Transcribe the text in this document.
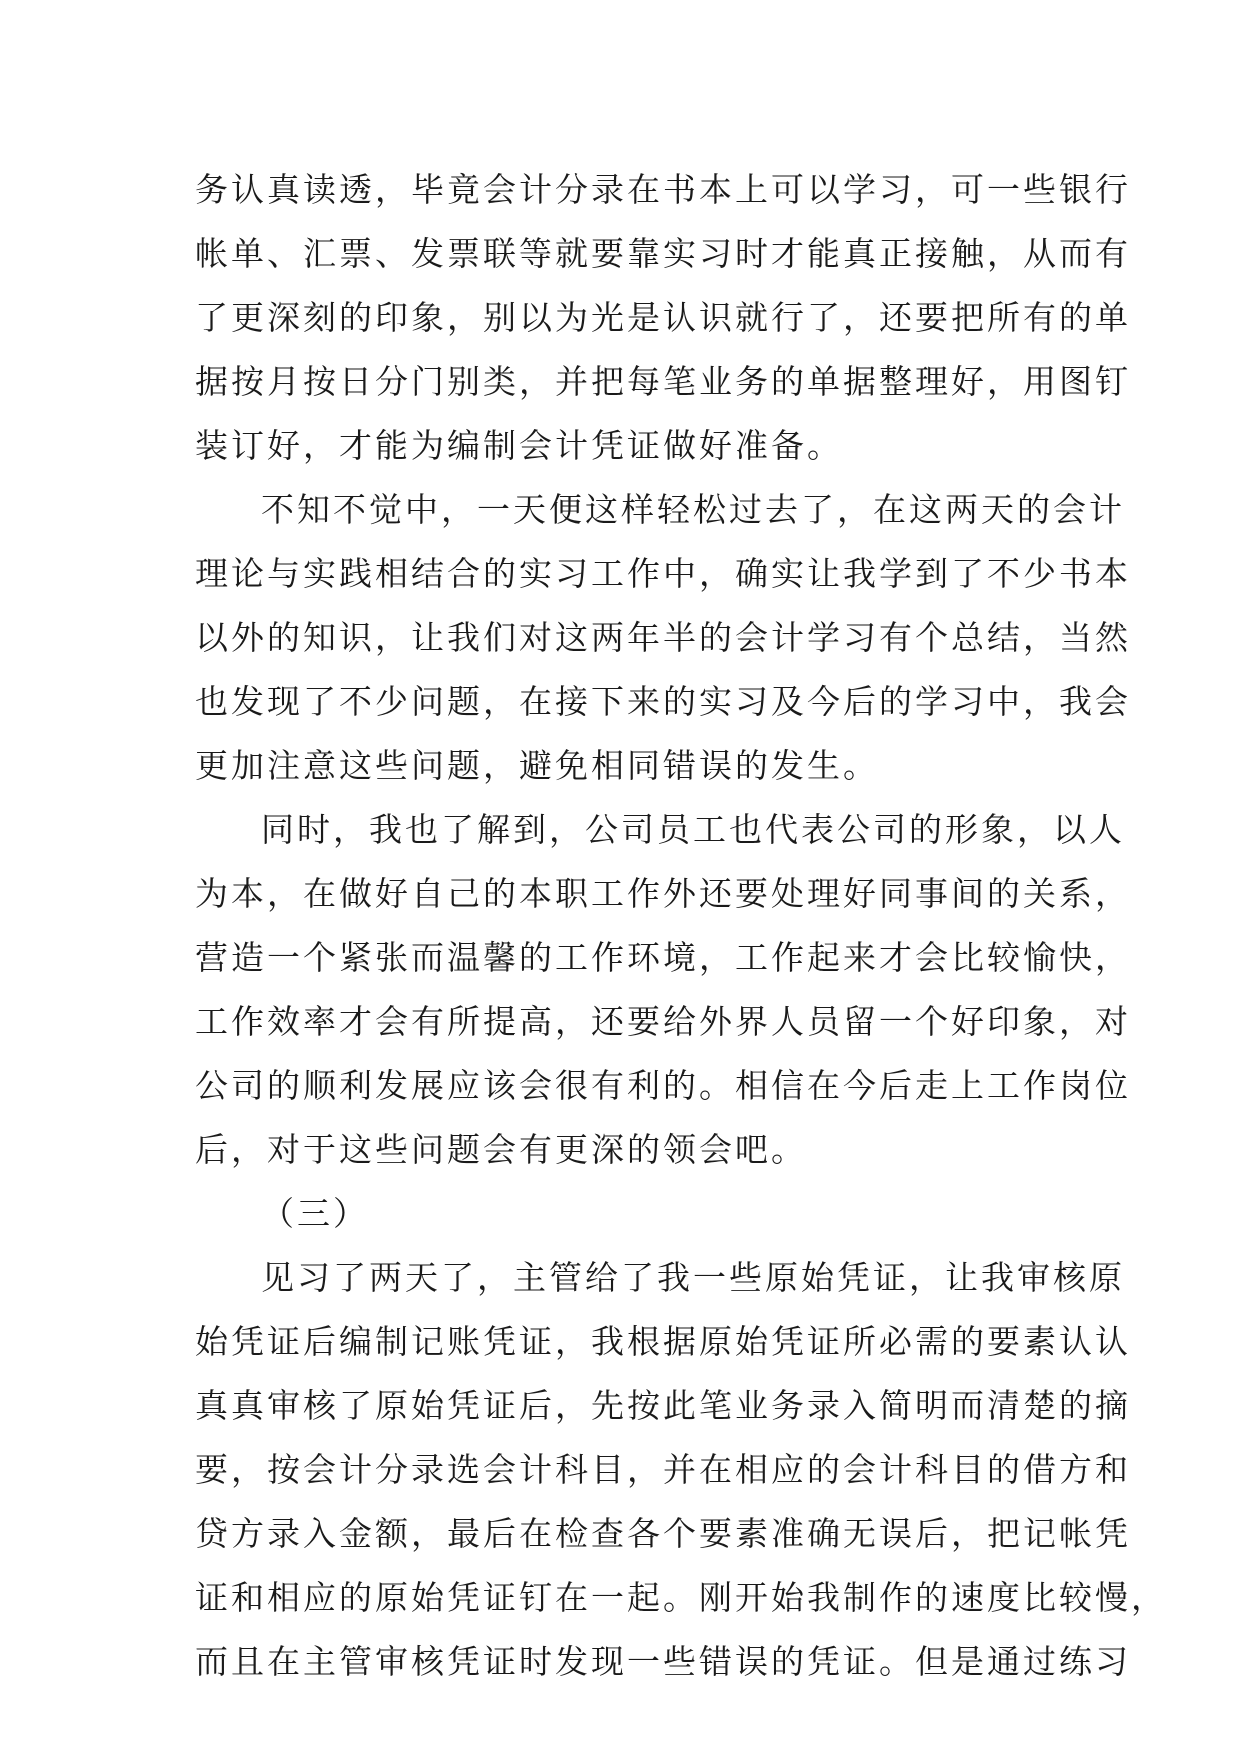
务认真读透，毕竟会计分录在书本上可以学习，可一些银行
帐单、汇票、发票联等就要靠实习时才能真正接触，从而有
了更深刻的印象，别以为光是认识就行了，还要把所有的单
据按月按日分门别类，并把每笔业务的单据整理好，用图钉
装订好，才能为编制会计凭证做好准备。
不知不觉中，一天便这样轻松过去了，在这两天的会计
理论与实践相结合的实习工作中，确实让我学到了不少书本
以外的知识，让我们对这两年半的会计学习有个总结，当然
也发现了不少问题，在接下来的实习及今后的学习中，我会
更加注意这些问题，避免相同错误的发生。
同时，我也了解到，公司员工也代表公司的形象，以人
为本，在做好自己的本职工作外还要处理好同事间的关系，
营造一个紧张而温馨的工作环境，工作起来才会比较愉快，
工作效率才会有所提高，还要给外界人员留一个好印象，对
公司的顺利发展应该会很有利的。相信在今后走上工作岗位
后，对于这些问题会有更深的领会吧。
（三）
见习了两天了，主管给了我一些原始凭证，让我审核原
始凭证后编制记账凭证，我根据原始凭证所必需的要素认认
真真审核了原始凭证后，先按此笔业务录入简明而清楚的摘
要，按会计分录选会计科目，并在相应的会计科目的借方和
贷方录入金额，最后在检查各个要素准确无误后，把记帐凭
证和相应的原始凭证钉在一起。刚开始我制作的速度比较慢，
而且在主管审核凭证时发现一些错误的凭证。但是通过练习
